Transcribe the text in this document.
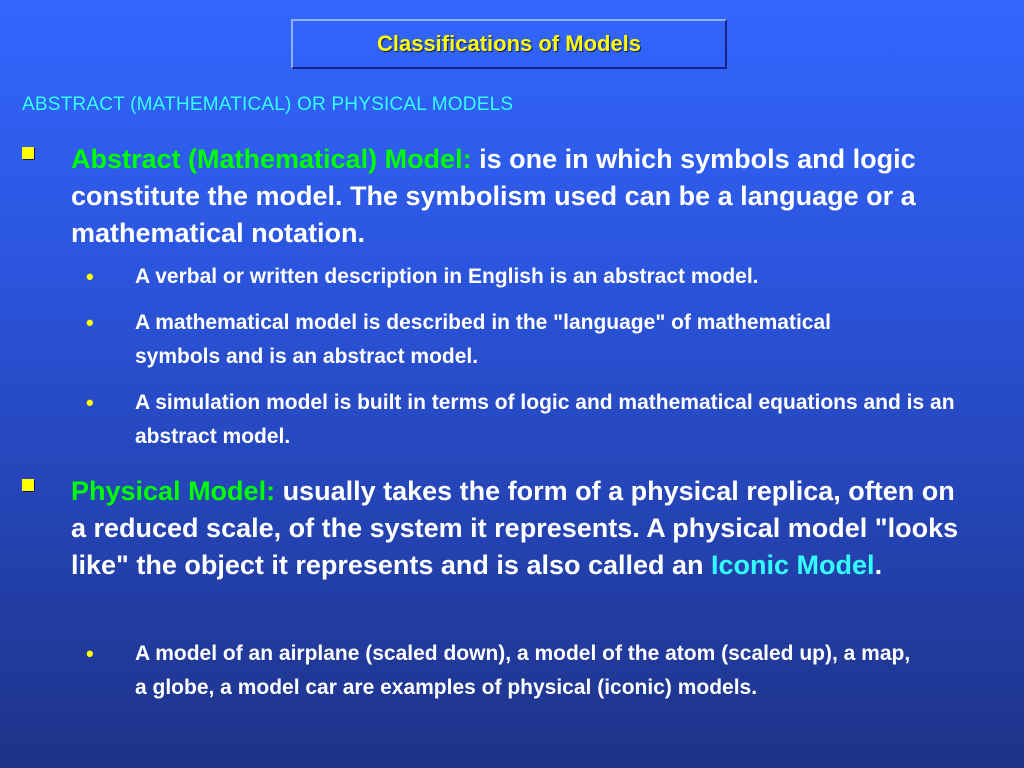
Classifications of Models
ABSTRACT (MATHEMATICAL) OR PHYSICAL MODELS
Abstract (Mathematical) Model: is one in which symbols and logic constitute the model. The symbolism used can be a language or a mathematical notation.
• A verbal or written description in English is an abstract model.
• A mathematical model is described in the "language" of mathematical symbols and is an abstract model.
• A simulation model is built in terms of logic and mathematical equations and is an abstract model.
Physical Model: usually takes the form of a physical replica, often on a reduced scale, of the system it represents. A physical model "looks like" the object it represents and is also called an Iconic Model.
• A model of an airplane (scaled down), a model of the atom (scaled up), a map, a globe, a model car are examples of physical (iconic) models.
